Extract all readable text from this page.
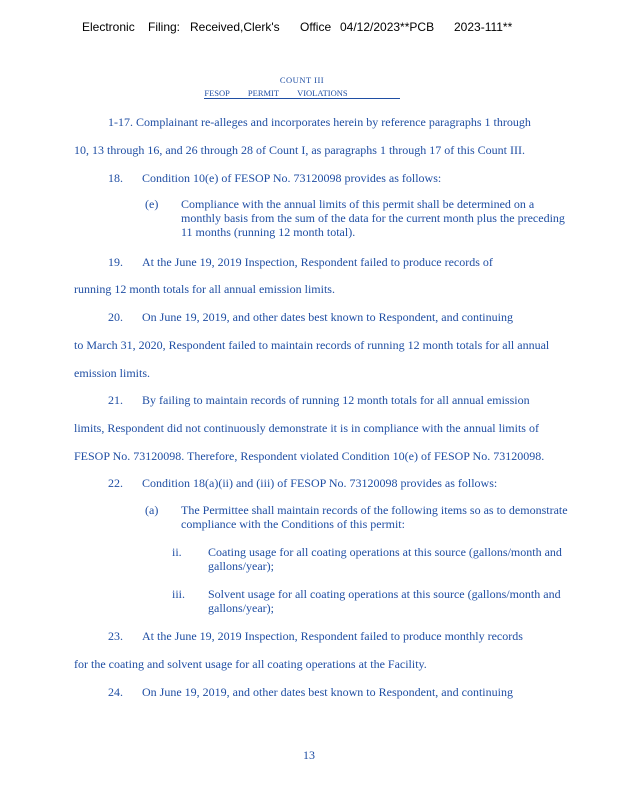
Electronic Filing: Received,Clerk's Office 04/12/2023**PCB 2023-111**
COUNT III
FESOP PERMIT VIOLATIONS
1-17. Complainant re-alleges and incorporates herein by reference paragraphs 1 through
10, 13 through 16, and 26 through 28 of Count I, as paragraphs 1 through 17 of this Count III.
18. Condition 10(e) of FESOP No. 73120098 provides as follows:
(e) Compliance with the annual limits of this permit shall be determined on a monthly basis from the sum of the data for the current month plus the preceding 11 months (running 12 month total).
19. At the June 19, 2019 Inspection, Respondent failed to produce records of
running 12 month totals for all annual emission limits.
20. On June 19, 2019, and other dates best known to Respondent, and continuing
to March 31, 2020, Respondent failed to maintain records of running 12 month totals for all annual
emission limits.
21. By failing to maintain records of running 12 month totals for all annual emission
limits, Respondent did not continuously demonstrate it is in compliance with the annual limits of
FESOP No. 73120098. Therefore, Respondent violated Condition 10(e) of FESOP No. 73120098.
22. Condition 18(a)(ii) and (iii) of FESOP No. 73120098 provides as follows:
(a) The Permittee shall maintain records of the following items so as to demonstrate compliance with the Conditions of this permit:
ii. Coating usage for all coating operations at this source (gallons/month and gallons/year);
iii. Solvent usage for all coating operations at this source (gallons/month and gallons/year);
23. At the June 19, 2019 Inspection, Respondent failed to produce monthly records
for the coating and solvent usage for all coating operations at the Facility.
24. On June 19, 2019, and other dates best known to Respondent, and continuing
13
